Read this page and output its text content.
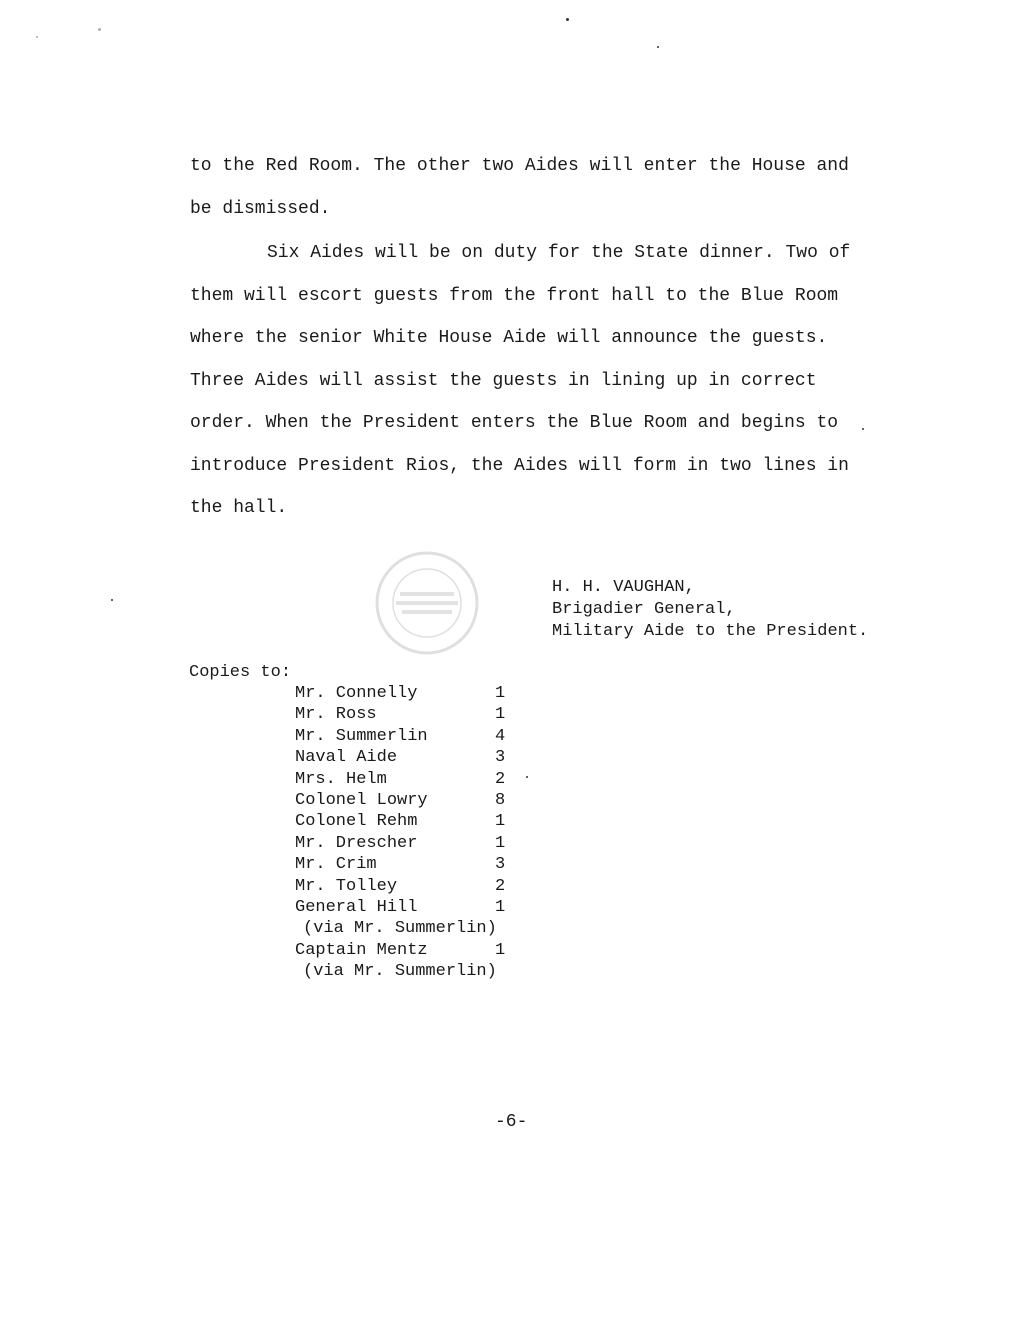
to the Red Room. The other two Aides will enter the House and

be dismissed.

Six Aides will be on duty for the State dinner. Two of them will escort guests from the front hall to the Blue Room where the senior White House Aide will announce the guests. Three Aides will assist the guests in lining up in correct order. When the President enters the Blue Room and begins to introduce President Rios, the Aides will form in two lines in the hall.

H. H. VAUGHAN,
Brigadier General,
Military Aide to the President.
Copies to:
Mr. Connelly	1
Mr. Ross	1
Mr. Summerlin	4
Naval Aide	3
Mrs. Helm	2
Colonel Lowry	8
Colonel Rehm	1
Mr. Drescher	1
Mr. Crim	3
Mr. Tolley	2
General Hill	1
(via Mr. Summerlin)
Captain Mentz	1
(via Mr. Summerlin)
-6-
